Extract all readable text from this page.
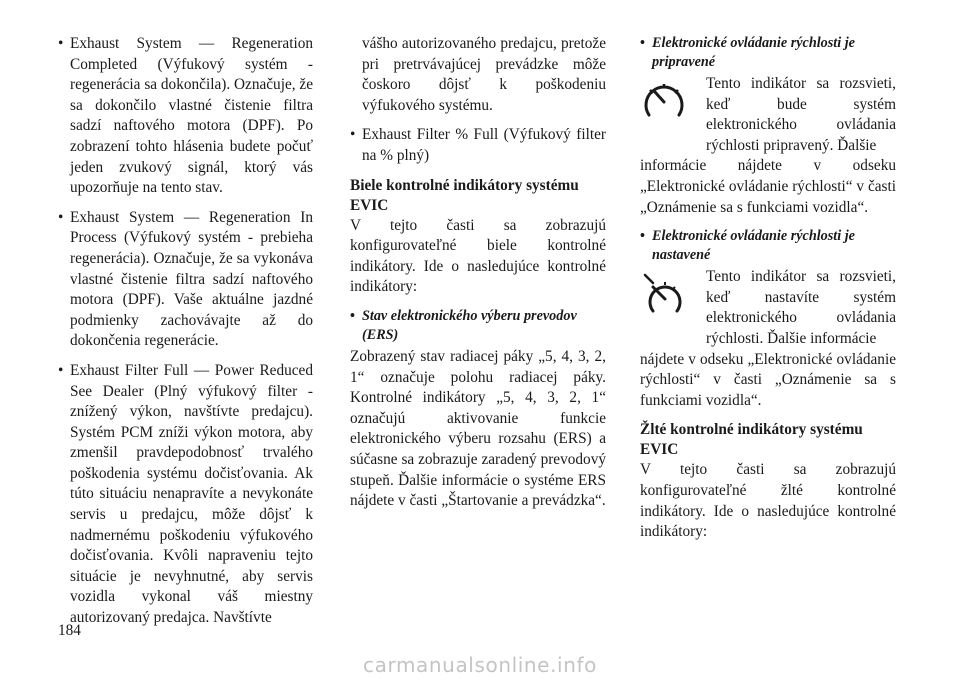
• Exhaust System — Regeneration Completed (Výfukový systém - regenerácia sa dokončila). Označuje, že sa dokončilo vlastné čistenie filtra sadzí naftového motora (DPF). Po zobrazení tohto hlásenia budete počuť jeden zvukový signál, ktorý vás upozorňuje na tento stav.

• Exhaust System — Regeneration In Process (Výfukový systém - prebieha regenerácia). Označuje, že sa vykonáva vlastné čistenie filtra sadzí naftového motora (DPF). Vaše aktuálne jazdné podmienky zachovávajte až do dokončenia regenerácie.

• Exhaust Filter Full — Power Reduced See Dealer (Plný výfukový filter - znížený výkon, navštívte predajcu). Systém PCM zníži výkon motora, aby zmenšil pravdepodobnosť trvalého poškodenia systému dočisťovania. Ak túto situáciu nenapravíte a nevykonáte servis u predajcu, môže dôjsť k nadmernému poškodeniu výfukového dočisťovania. Kvôli napraveniu tejto situácie je nevyhnutné, aby servis vozidla vykonal váš miestny autorizovaný predajca. Navštívte

vášho autorizovaného predajcu, pretože pri pretrvávajúcej prevádzke môže čoskoro dôjsť k poškodeniu výfukového systému.

• Exhaust Filter % Full (Výfukový filter na % plný)

Biele kontrolné indikátory systému

EVIC

V tejto časti sa zobrazujú konfigurovateľné biele kontrolné indikátory. Ide o nasledujúce kontrolné indikátory:

• Stav elektronického výberu prevodov (ERS)

Zobrazený stav radiacej páky „5, 4, 3, 2, 1“ označuje polohu radiacej páky. Kontrolné indikátory „5, 4, 3, 2, 1“ označujú aktivovanie funkcie elektronického výberu rozsahu (ERS) a súčasne sa zobrazuje zaradený prevodový stupeň. Ďalšie informácie o systéme ERS nájdete v časti „Štartovanie a prevádzka“.

• Elektronické ovládanie rýchlosti je pripravené

Tento indikátor sa rozsvieti, keď bude systém elektronického ovládania rýchlosti pripravený. Ďalšie

informácie nájdete v odseku „Elektronické ovládanie rýchlosti“ v časti „Oznámenie sa s funkciami vozidla“.

• Elektronické ovládanie rýchlosti je nastavené

Tento indikátor sa rozsvieti, keď nastavíte systém elektronického ovládania rýchlosti. Ďalšie informácie

nájdete v odseku „Elektronické ovládanie rýchlosti“ v časti „Oznámenie sa s funkciami vozidla“.

Žlté kontrolné indikátory systému

EVIC

V tejto časti sa zobrazujú konfigurovateľné žlté kontrolné indikátory. Ide o nasledujúce kontrolné indikátory:

184
carmanualsonline.info
